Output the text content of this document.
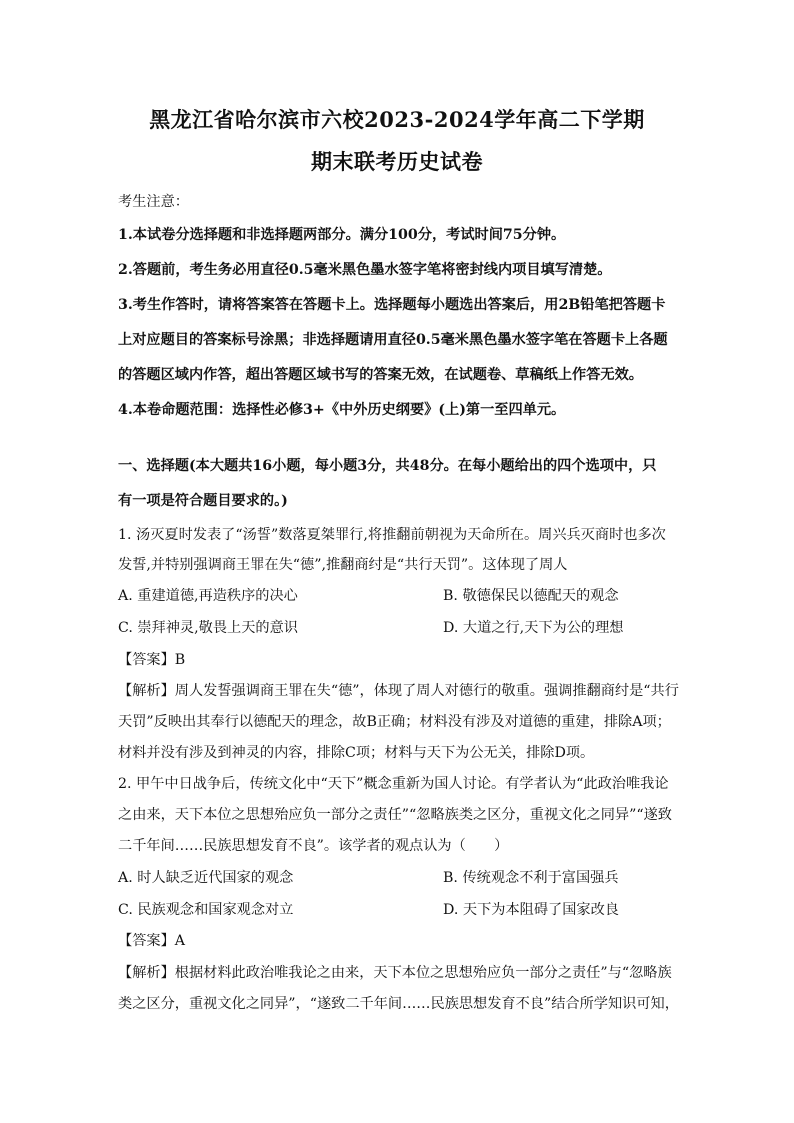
黑龙江省哈尔滨市六校2023-2024学年高二下学期
期末联考历史试卷
考生注意：
1.本试卷分选择题和非选择题两部分。满分100分，考试时间75分钟。
2.答题前，考生务必用直径0.5毫米黑色墨水签字笔将密封线内项目填写清楚。
3.考生作答时，请将答案答在答题卡上。选择题每小题选出答案后，用2B铅笔把答题卡
上对应题目的答案标号涂黑；非选择题请用直径0.5毫米黑色墨水签字笔在答题卡上各题
的答题区域内作答，超出答题区域书写的答案无效，在试题卷、草稿纸上作答无效。
4.本卷命题范围：选择性必修3+《中外历史纲要》(上)第一至四单元。
一、选择题(本大题共16小题，每小题3分，共48分。在每小题给出的四个选项中，只
有一项是符合题目要求的。)
1. 汤灭夏时发表了“汤誓”数落夏桀罪行,将推翻前朝视为天命所在。周兴兵灭商时也多次
发誓,并特别强调商王罪在失“德”,推翻商纣是“共行天罚”。这体现了周人
A. 重建道德,再造秩序的决心	B. 敬德保民以德配天的观念
C. 崇拜神灵,敬畏上天的意识	D. 大道之行,天下为公的理想
【答案】B
【解析】周人发誓强调商王罪在失“德”，体现了周人对德行的敬重。强调推翻商纣是“共行
天罚”反映出其奉行以德配天的理念，故B正确；材料没有涉及对道德的重建，排除A项；
材料并没有涉及到神灵的内容，排除C项；材料与天下为公无关，排除D项。
2. 甲午中日战争后，传统文化中“天下”概念重新为国人讨论。有学者认为“此政治唯我论
之由来，天下本位之思想殆应负一部分之责任”“忽略族类之区分，重视文化之同异”“遂致
二千年间……民族思想发育不良”。该学者的观点认为（　　）
A. 时人缺乏近代国家的观念	B. 传统观念不利于富国强兵
C. 民族观念和国家观念对立	D. 天下为本阻碍了国家改良
【答案】A
【解析】根据材料此政治唯我论之由来，天下本位之思想殆应负一部分之责任”与“忽略族
类之区分，重视文化之同异”，“遂致二千年间……民族思想发育不良”结合所学知识可知，
